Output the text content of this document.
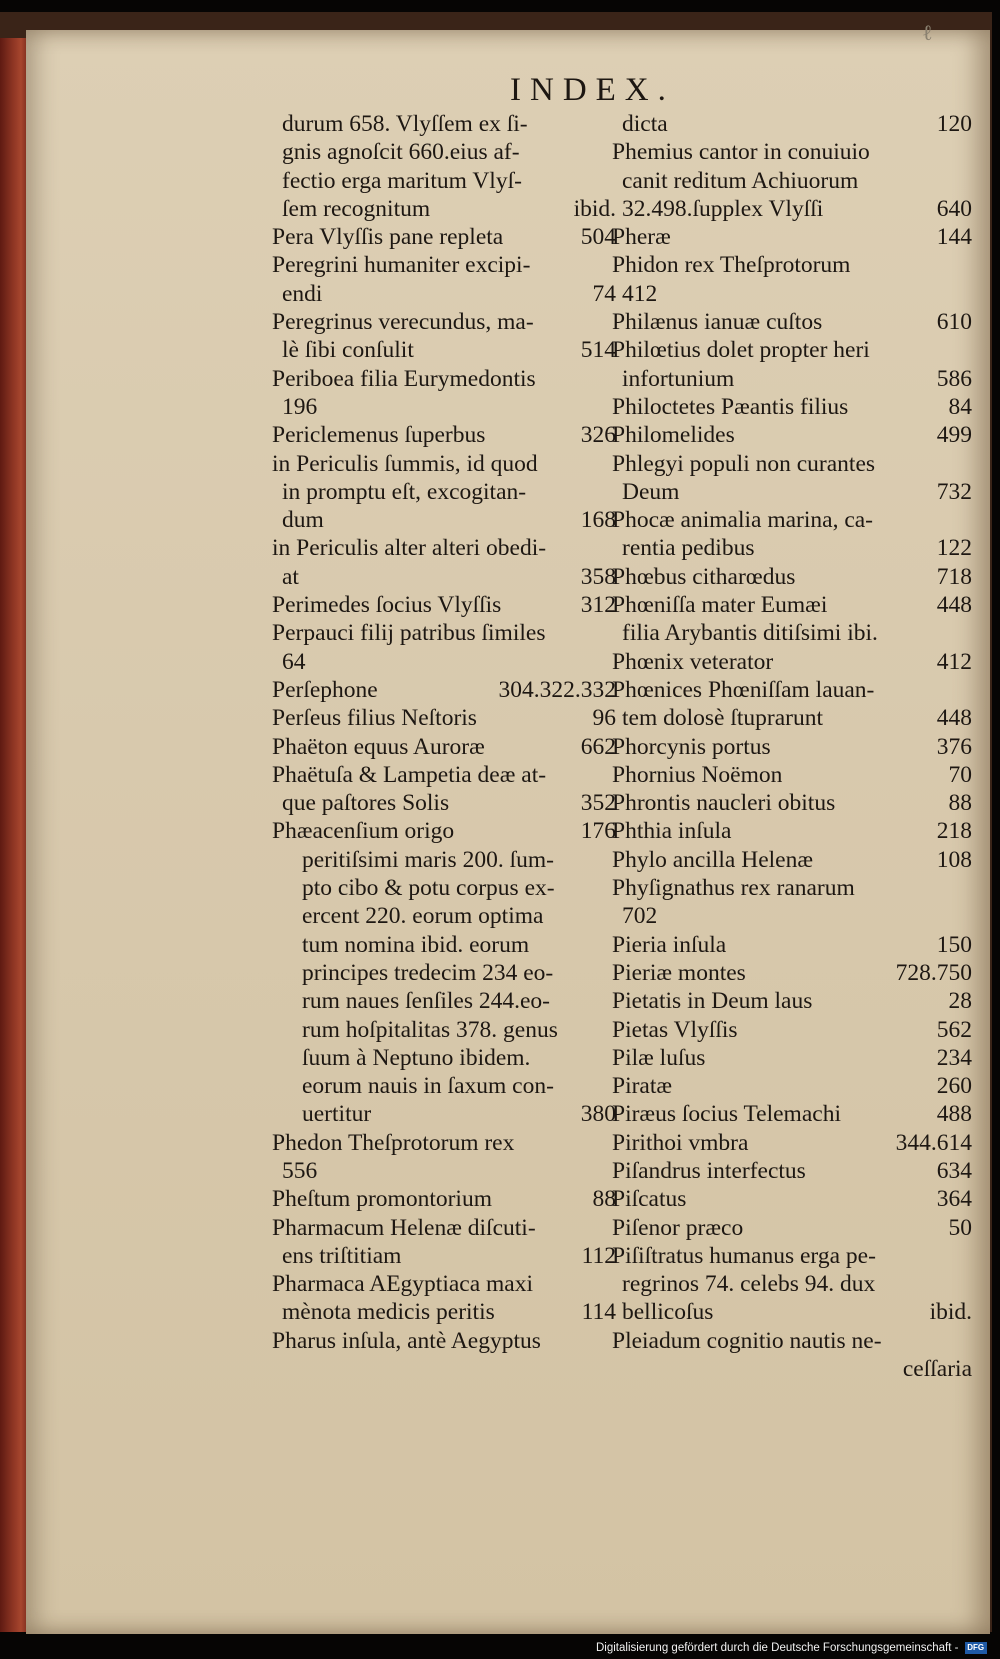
ℓ
INDEX.
durum 658. Vlyſſem ex ſi-
gnis agnoſcit 660.eius af-
fectio erga maritum Vlyſ-
ſem recognitum	ibid.
Pera Vlyſſis pane repleta	504
Peregrini humaniter excipi-
endi	74
Peregrinus verecundus, ma-
lè ſibi conſulit	514
Periboea filia Eurymedontis
196
Periclemenus ſuperbus	326
in Periculis ſummis, id quod
in promptu eſt, excogitan-
dum	168
in Periculis alter alteri obedi-
at	358
Perimedes ſocius Vlyſſis	312
Perpauci filij patribus ſimiles
64
Perſephone	304.322.332
Perſeus filius Neſtoris	96
Phaëton equus Auroræ	662
Phaëtuſa & Lampetia deæ at-
que paſtores Solis	352
Phæacenſium origo	176
peritiſsimi maris 200. ſum-
pto cibo & potu corpus ex-
ercent 220. eorum optima
tum nomina ibid. eorum
principes tredecim 234 eo-
rum naues ſenſiles 244.eo-
rum hoſpitalitas 378. genus
ſuum à Neptuno ibidem.
eorum nauis in ſaxum con-
uertitur	380
Phedon Theſprotorum rex
556
Pheſtum promontorium	88
Pharmacum Helenæ diſcuti-
ens triſtitiam	112
Pharmaca AEgyptiaca maxi
mènota medicis peritis	114
Pharus inſula, antè Aegyptus
dicta	120
Phemius cantor in conuiuio
canit reditum Achiuorum
32.498.ſupplex Vlyſſi	640
Pheræ	144
Phidon rex Theſprotorum
412
Philænus ianuæ cuſtos	610
Philœtius dolet propter heri
infortunium	586
Philoctetes Pæantis filius	84
Philomelides	499
Phlegyi populi non curantes
Deum	732
Phocæ animalia marina, ca-
rentia pedibus	122
Phœbus citharœdus	718
Phœniſſa mater Eumæi	448
filia Arybantis ditiſsimi ibi.
Phœnix veterator	412
Phœnices Phœniſſam lauan-
tem dolosè ſtuprarunt	448
Phorcynis portus	376
Phornius Noëmon	70
Phrontis naucleri obitus	88
Phthia inſula	218
Phylo ancilla Helenæ	108
Phyſignathus rex ranarum
702
Pieria inſula	150
Pieriæ montes	728.750
Pietatis in Deum laus	28
Pietas Vlyſſis	562
Pilæ luſus	234
Piratæ	260
Piræus ſocius Telemachi	488
Pirithoi vmbra	344.614
Piſandrus interfectus	634
Piſcatus	364
Piſenor præco	50
Piſiſtratus humanus erga pe-
regrinos 74. celebs 94. dux
bellicoſus	ibid.
Pleiadum cognitio nautis ne-
ceſſaria
Digitalisierung gefördert durch die Deutsche Forschungsgemeinschaft - DFG
